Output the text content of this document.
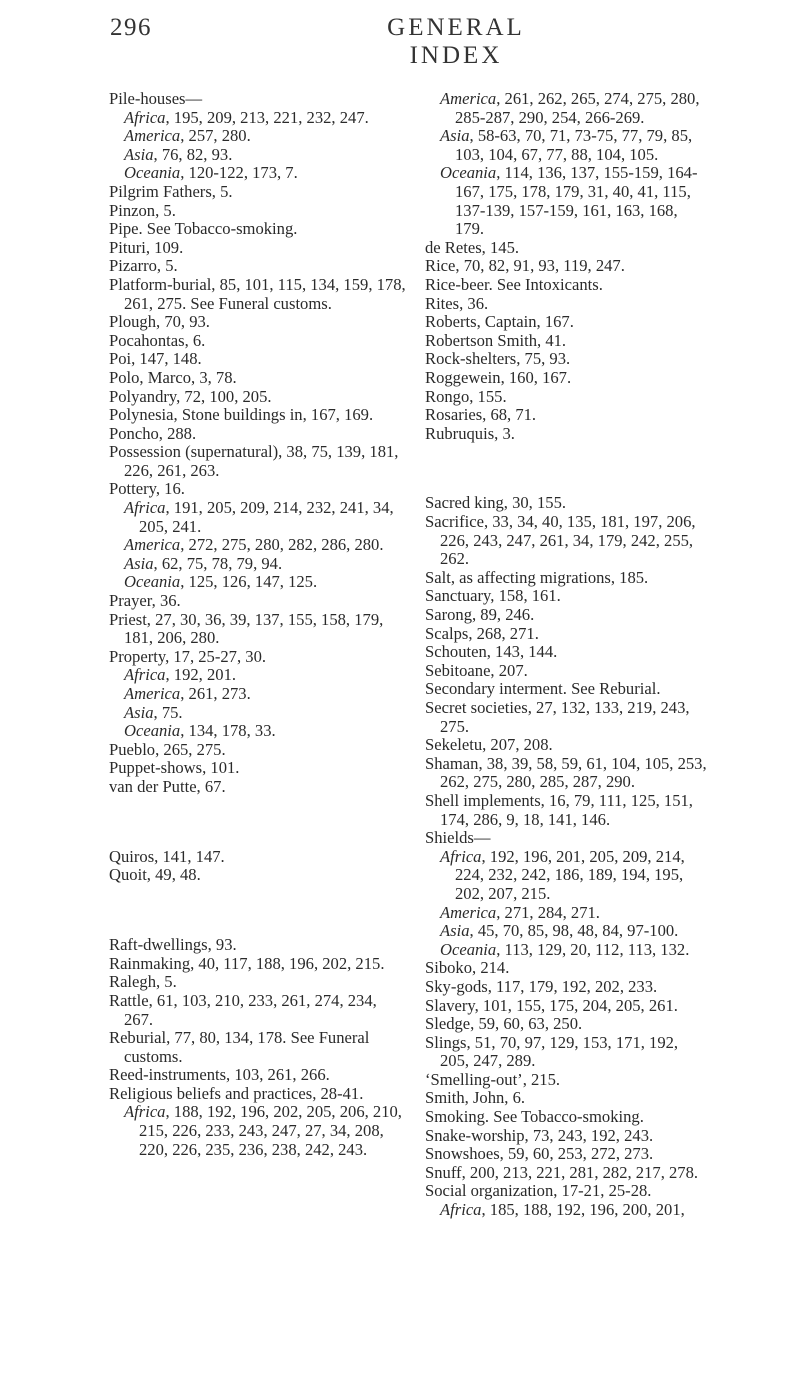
296	GENERAL INDEX

Pile-houses—

Africa, 195, 209, 213, 221, 232, 247.

America, 257, 280.

Asia, 76, 82, 93.

Oceania, 120-122, 173, 7.

Pilgrim Fathers, 5.

Pinzon, 5.

Pipe. See Tobacco-smoking.

Pituri, 109.

Pizarro, 5.

Platform-burial, 85, 101, 115, 134, 159, 178, 261, 275. See Funeral customs.

Plough, 70, 93.

Pocahontas, 6.

Poi, 147, 148.

Polo, Marco, 3, 78.

Polyandry, 72, 100, 205.

Polynesia, Stone buildings in, 167, 169.

Poncho, 288.

Possession (supernatural), 38, 75, 139, 181, 226, 261, 263.

Pottery, 16.

Africa, 191, 205, 209, 214, 232, 241, 34, 205, 241.

America, 272, 275, 280, 282, 286, 280.

Asia, 62, 75, 78, 79, 94.

Oceania, 125, 126, 147, 125.

Prayer, 36.

Priest, 27, 30, 36, 39, 137, 155, 158, 179, 181, 206, 280.

Property, 17, 25-27, 30.

Africa, 192, 201.

America, 261, 273.

Asia, 75.

Oceania, 134, 178, 33.

Pueblo, 265, 275.

Puppet-shows, 101.

van der Putte, 67.

Quiros, 141, 147.

Quoit, 49, 48.

Raft-dwellings, 93.

Rainmaking, 40, 117, 188, 196, 202, 215.

Ralegh, 5.

Rattle, 61, 103, 210, 233, 261, 274, 234, 267.

Reburial, 77, 80, 134, 178. See Funeral customs.

Reed-instruments, 103, 261, 266.

Religious beliefs and practices, 28-41.

Africa, 188, 192, 196, 202, 205, 206, 210, 215, 226, 233, 243, 247, 27, 34, 208, 220, 226, 235, 236, 238, 242, 243.

America, 261, 262, 265, 274, 275, 280, 285-287, 290, 254, 266-269.

Asia, 58-63, 70, 71, 73-75, 77, 79, 85, 103, 104, 67, 77, 88, 104, 105.

Oceania, 114, 136, 137, 155-159, 164-167, 175, 178, 179, 31, 40, 41, 115, 137-139, 157-159, 161, 163, 168, 179.

de Retes, 145.

Rice, 70, 82, 91, 93, 119, 247.

Rice-beer. See Intoxicants.

Rites, 36.

Roberts, Captain, 167.

Robertson Smith, 41.

Rock-shelters, 75, 93.

Roggewein, 160, 167.

Rongo, 155.

Rosaries, 68, 71.

Rubruquis, 3.

Sacred king, 30, 155.

Sacrifice, 33, 34, 40, 135, 181, 197, 206, 226, 243, 247, 261, 34, 179, 242, 255, 262.

Salt, as affecting migrations, 185.

Sanctuary, 158, 161.

Sarong, 89, 246.

Scalps, 268, 271.

Schouten, 143, 144.

Sebitoane, 207.

Secondary interment. See Reburial.

Secret societies, 27, 132, 133, 219, 243, 275.

Sekeletu, 207, 208.

Shaman, 38, 39, 58, 59, 61, 104, 105, 253, 262, 275, 280, 285, 287, 290.

Shell implements, 16, 79, 111, 125, 151, 174, 286, 9, 18, 141, 146.

Shields—

Africa, 192, 196, 201, 205, 209, 214, 224, 232, 242, 186, 189, 194, 195, 202, 207, 215.

America, 271, 284, 271.

Asia, 45, 70, 85, 98, 48, 84, 97-100.

Oceania, 113, 129, 20, 112, 113, 132.

Siboko, 214.

Sky-gods, 117, 179, 192, 202, 233.

Slavery, 101, 155, 175, 204, 205, 261.

Sledge, 59, 60, 63, 250.

Slings, 51, 70, 97, 129, 153, 171, 192, 205, 247, 289.

‘Smelling-out’, 215.

Smith, John, 6.

Smoking. See Tobacco-smoking.

Snake-worship, 73, 243, 192, 243.

Snowshoes, 59, 60, 253, 272, 273.

Snuff, 200, 213, 221, 281, 282, 217, 278.

Social organization, 17-21, 25-28.

Africa, 185, 188, 192, 196, 200, 201,
